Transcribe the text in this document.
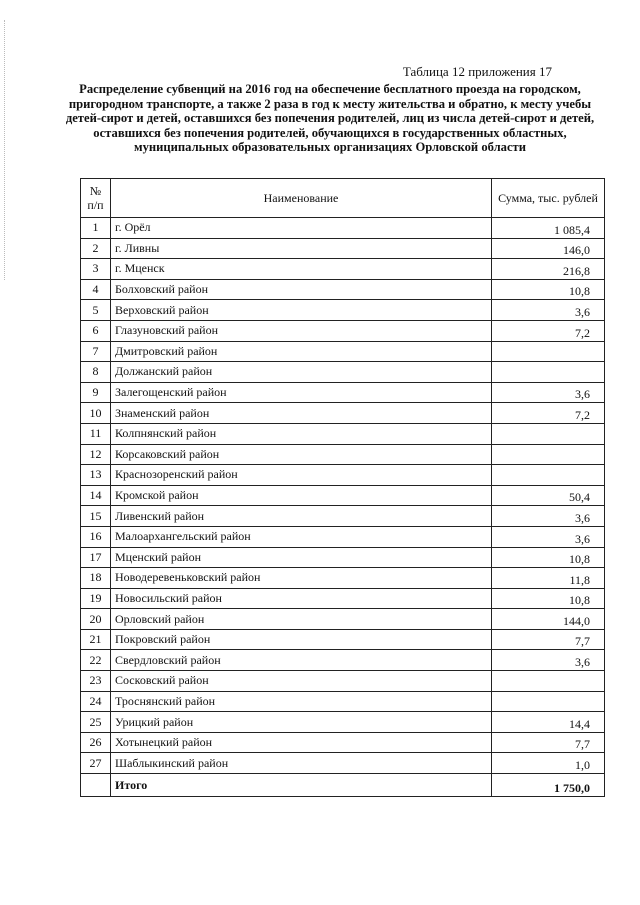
Таблица 12 приложения 17
Распределение субвенций на 2016 год на обеспечение бесплатного проезда на городском, пригородном транспорте, а также 2 раза в год к месту жительства и обратно, к месту учебы детей-сирот и детей, оставшихся без попечения родителей, лиц из числа детей-сирот и детей, оставшихся без попечения родителей, обучающихся в государственных областных, муниципальных образовательных организациях Орловской области
№ п/п	Наименование	Сумма, тыс. рублей
1	г. Орёл	1 085,4
2	г. Ливны	146,0
3	г. Мценск	216,8
4	Болховский район	10,8
5	Верховский район	3,6
6	Глазуновский район	7,2
7	Дмитровский район	
8	Должанский район	
9	Залегощенский район	3,6
10	Знаменский район	7,2
11	Колпнянский район	
12	Корсаковский район	
13	Краснозоренский район	
14	Кромской район	50,4
15	Ливенский район	3,6
16	Малоархангельский район	3,6
17	Мценский район	10,8
18	Новодеревеньковский район	11,8
19	Новосильский район	10,8
20	Орловский район	144,0
21	Покровский район	7,7
22	Свердловский район	3,6
23	Сосковский район	
24	Троснянский район	
25	Урицкий район	14,4
26	Хотынецкий район	7,7
27	Шаблыкинский район	1,0
	Итого	1 750,0
